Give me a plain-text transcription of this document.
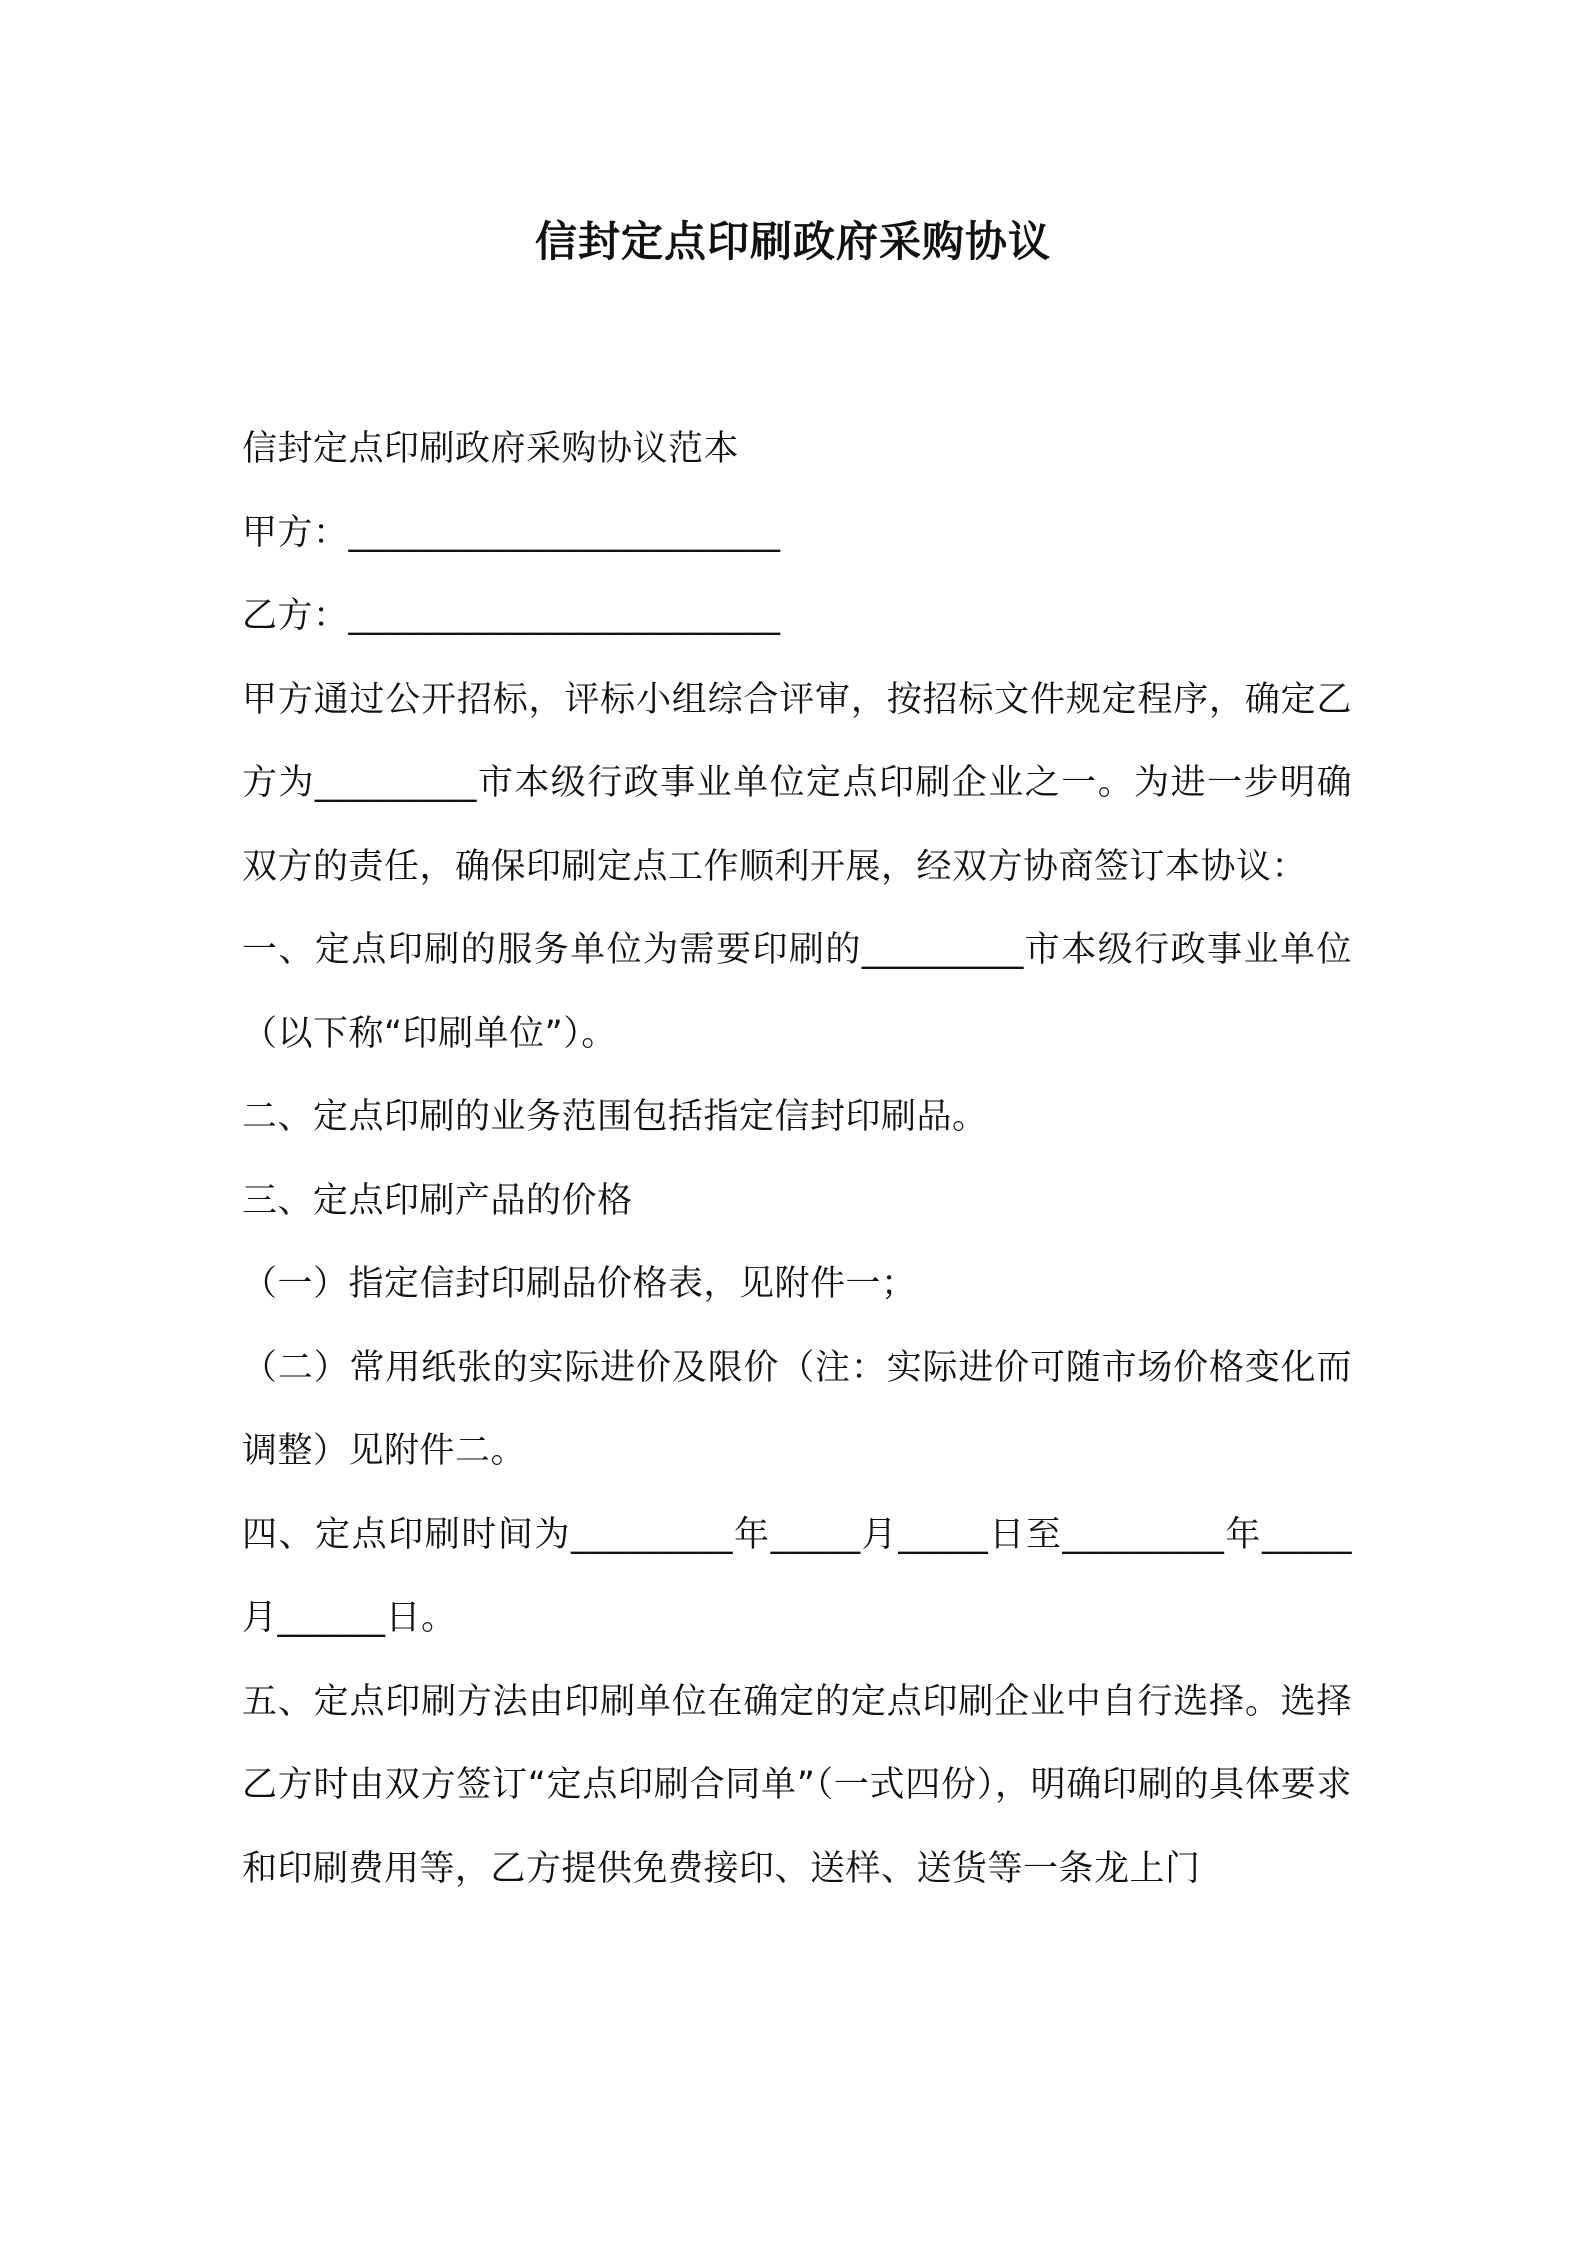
信封定点印刷政府采购协议

信封定点印刷政府采购协议范本

甲方：________________________

乙方：________________________

甲方通过公开招标，评标小组综合评审，按招标文件规定程序，确定乙方为_________市本级行政事业单位定点印刷企业之一。为进一步明确双方的责任，确保印刷定点工作顺利开展，经双方协商签订本协议：

一、定点印刷的服务单位为需要印刷的_________市本级行政事业单位（以下称“印刷单位”）。

二、定点印刷的业务范围包括指定信封印刷品。

三、定点印刷产品的价格

（一）指定信封印刷品价格表，见附件一；

（二）常用纸张的实际进价及限价（注：实际进价可随市场价格变化而调整）见附件二。

四、定点印刷时间为_________年_____月_____日至_________年_____月______日。

五、定点印刷方法由印刷单位在确定的定点印刷企业中自行选择。选择乙方时由双方签订“定点印刷合同单”（一式四份），明确印刷的具体要求和印刷费用等，乙方提供免费接印、送样、送货等一条龙上门
